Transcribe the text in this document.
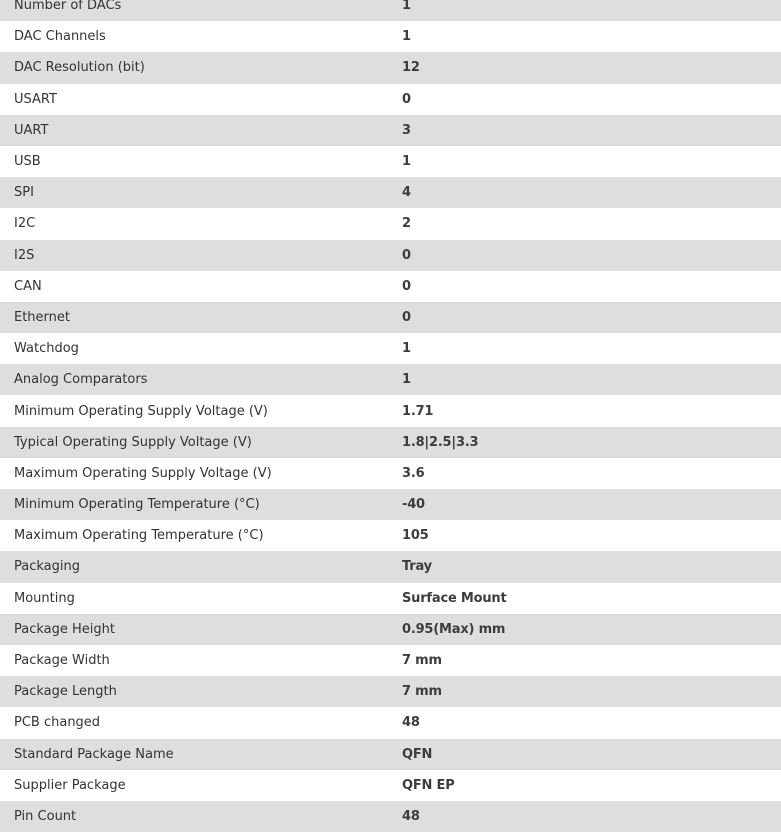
Number of DACs	1
DAC Channels	1
DAC Resolution (bit)	12
USART	0
UART	3
USB	1
SPI	4
I2C	2
I2S	0
CAN	0
Ethernet	0
Watchdog	1
Analog Comparators	1
Minimum Operating Supply Voltage (V)	1.71
Typical Operating Supply Voltage (V)	1.8|2.5|3.3
Maximum Operating Supply Voltage (V)	3.6
Minimum Operating Temperature (°C)	-40
Maximum Operating Temperature (°C)	105
Packaging	Tray
Mounting	Surface Mount
Package Height	0.95(Max) mm
Package Width	7 mm
Package Length	7 mm
PCB changed	48
Standard Package Name	QFN
Supplier Package	QFN EP
Pin Count	48
